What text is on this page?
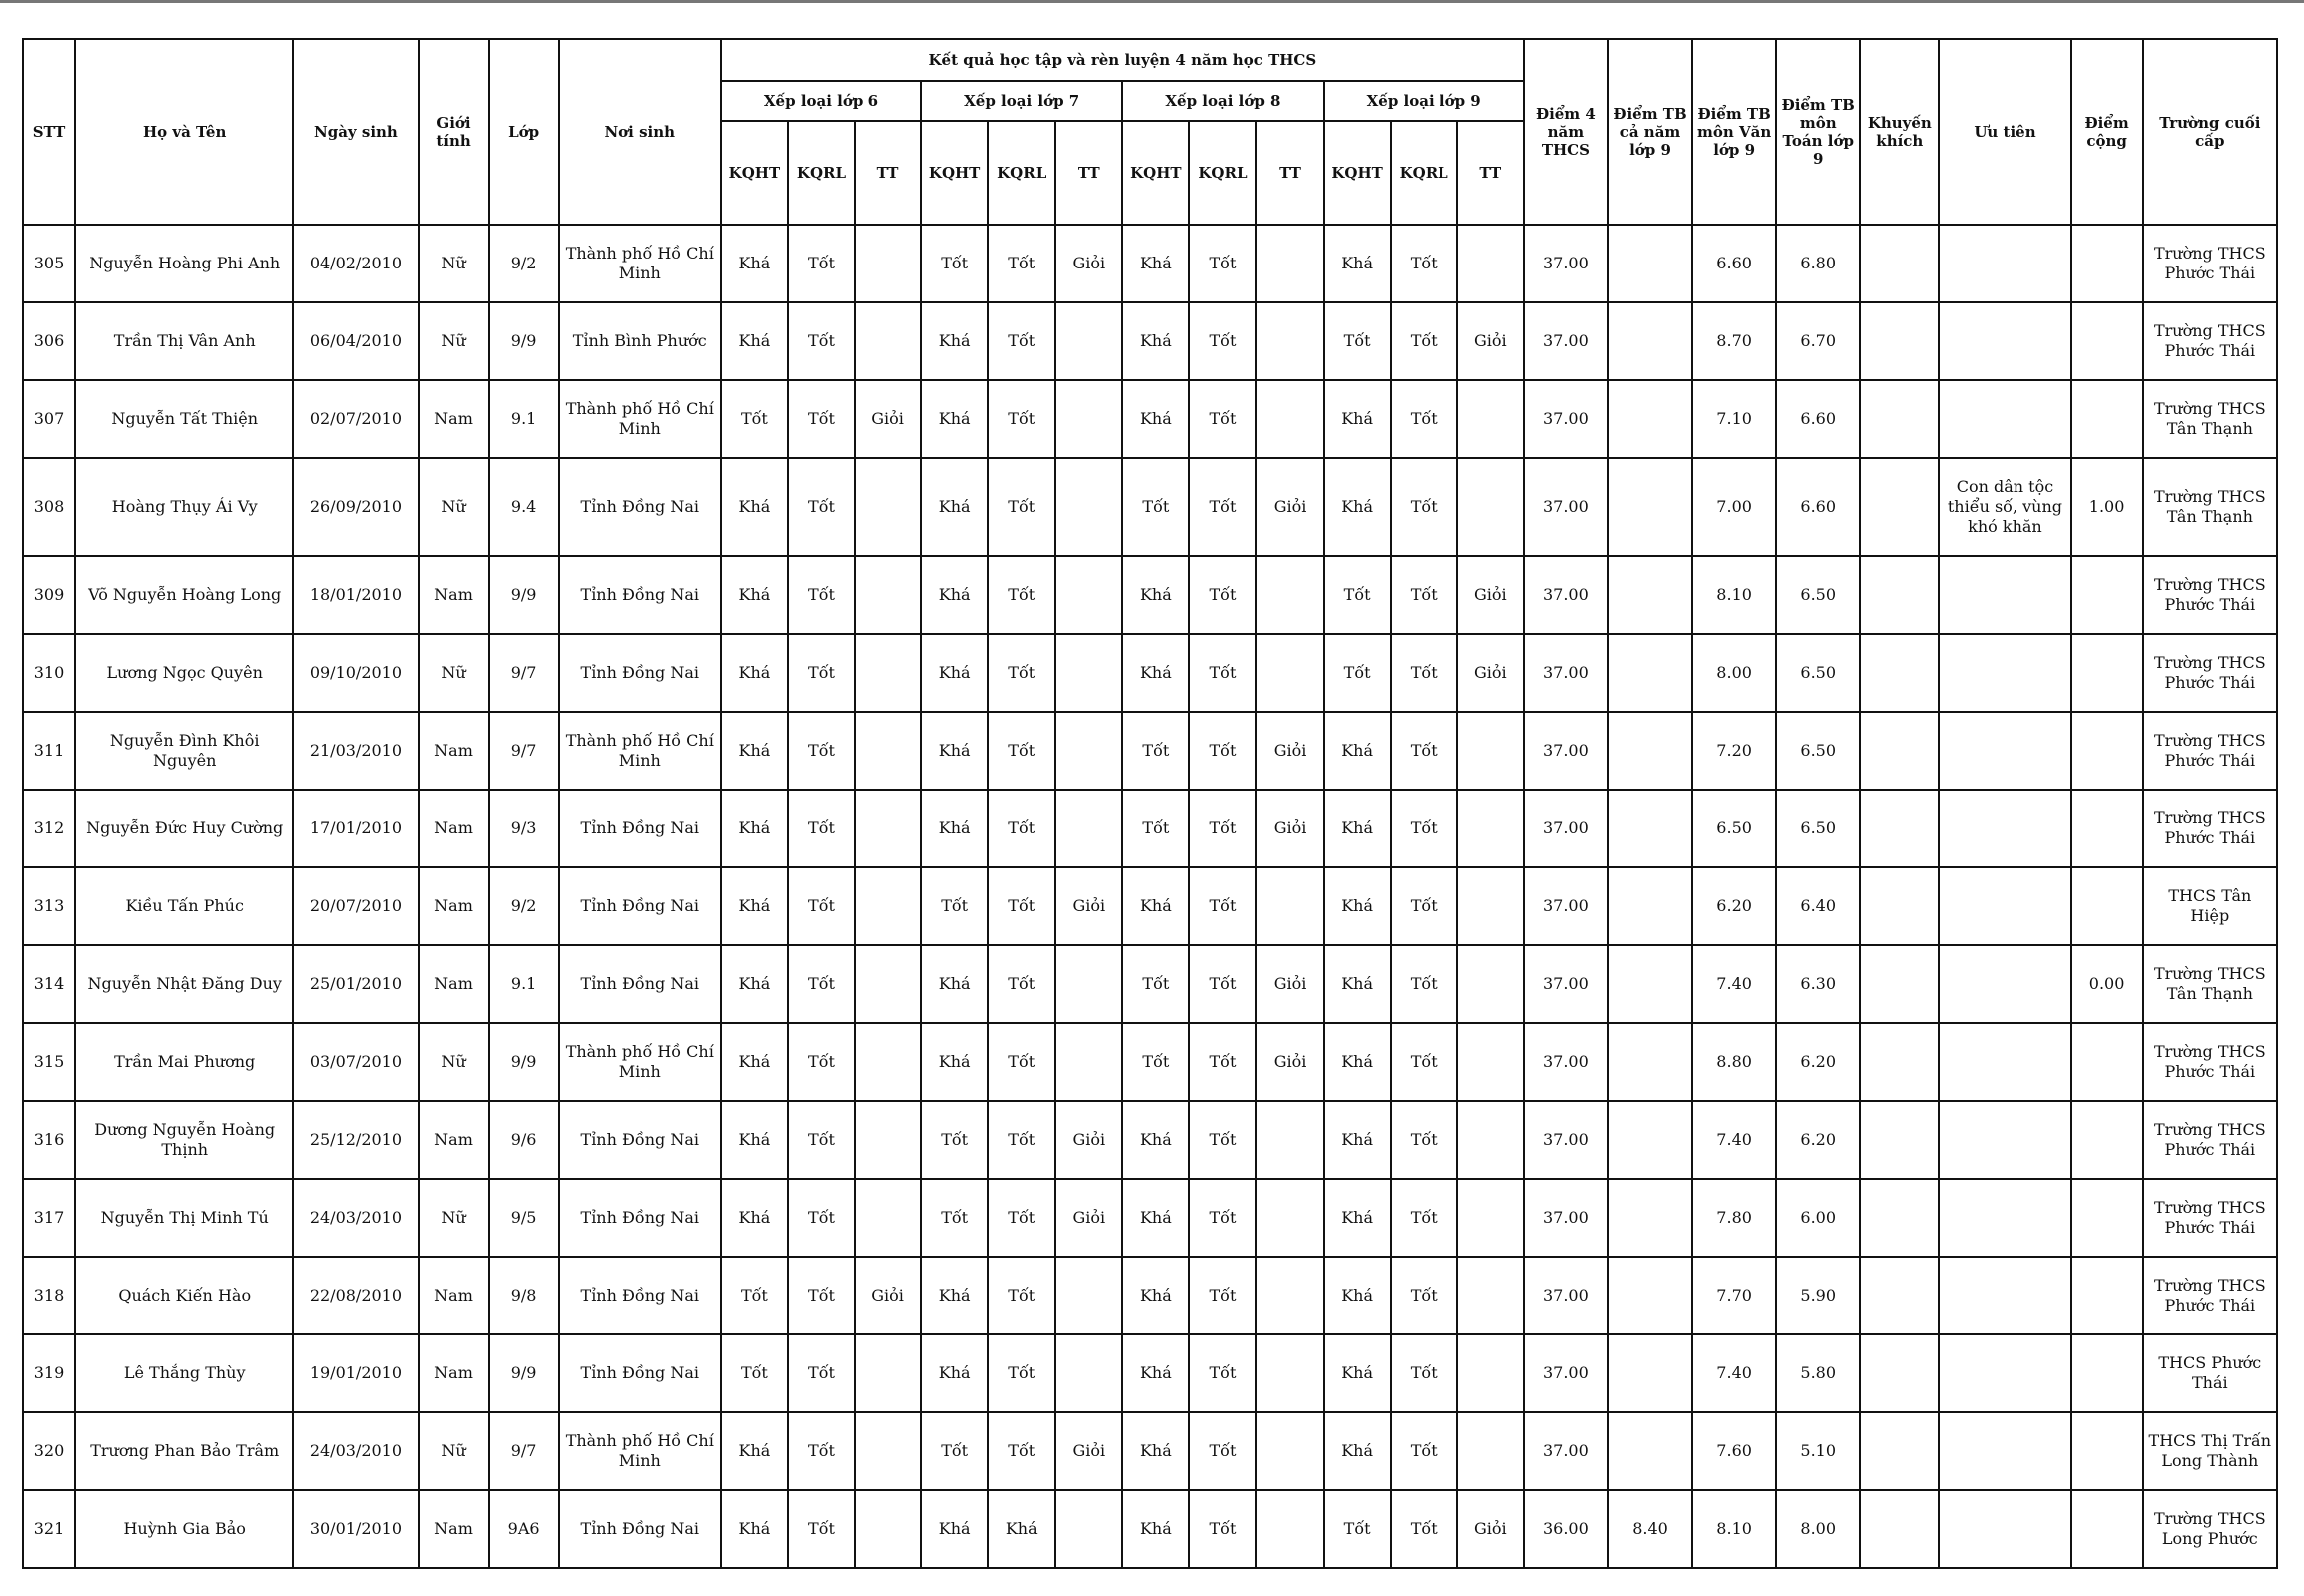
STT	Họ và Tên	Ngày sinh	Giới tính	Lớp	Nơi sinh	Kết quả học tập và rèn luyện 4 năm học THCS												Điểm 4 năm THCS	Điểm TB cả năm lớp 9	Điểm TB môn Văn lớp 9	Điểm TB môn Toán lớp 9	Khuyến khích	Ưu tiên	Điểm cộng	Trường cuối cấp
						Xếp loại lớp 6			Xếp loại lớp 7			Xếp loại lớp 8			Xếp loại lớp 9										
						KQHT	KQRL	TT	KQHT	KQRL	TT	KQHT	KQRL	TT	KQHT	KQRL	TT								
305	Nguyễn Hoàng Phi Anh	04/02/2010	Nữ	9/2	Thành phố Hồ Chí Minh	Khá	Tốt		Tốt	Tốt	Giỏi	Khá	Tốt		Khá	Tốt		37.00		6.60	6.80				Trường THCS Phước Thái
306	Trần Thị Vân Anh	06/04/2010	Nữ	9/9	Tỉnh Bình Phước	Khá	Tốt		Khá	Tốt		Khá	Tốt		Tốt	Tốt	Giỏi	37.00		8.70	6.70				Trường THCS Phước Thái
307	Nguyễn Tất Thiện	02/07/2010	Nam	9.1	Thành phố Hồ Chí Minh	Tốt	Tốt	Giỏi	Khá	Tốt		Khá	Tốt		Khá	Tốt		37.00		7.10	6.60				Trường THCS Tân Thạnh
308	Hoàng Thụy Ái Vy	26/09/2010	Nữ	9.4	Tỉnh Đồng Nai	Khá	Tốt		Khá	Tốt		Tốt	Tốt	Giỏi	Khá	Tốt		37.00		7.00	6.60		Con dân tộc thiểu số, vùng khó khăn	1.00	Trường THCS Tân Thạnh
309	Võ Nguyễn Hoàng Long	18/01/2010	Nam	9/9	Tỉnh Đồng Nai	Khá	Tốt		Khá	Tốt		Khá	Tốt		Tốt	Tốt	Giỏi	37.00		8.10	6.50				Trường THCS Phước Thái
310	Lương Ngọc Quyên	09/10/2010	Nữ	9/7	Tỉnh Đồng Nai	Khá	Tốt		Khá	Tốt		Khá	Tốt		Tốt	Tốt	Giỏi	37.00		8.00	6.50				Trường THCS Phước Thái
311	Nguyễn Đình Khôi Nguyên	21/03/2010	Nam	9/7	Thành phố Hồ Chí Minh	Khá	Tốt		Khá	Tốt		Tốt	Tốt	Giỏi	Khá	Tốt		37.00		7.20	6.50				Trường THCS Phước Thái
312	Nguyễn Đức Huy Cường	17/01/2010	Nam	9/3	Tỉnh Đồng Nai	Khá	Tốt		Khá	Tốt		Tốt	Tốt	Giỏi	Khá	Tốt		37.00		6.50	6.50				Trường THCS Phước Thái
313	Kiều Tấn Phúc	20/07/2010	Nam	9/2	Tỉnh Đồng Nai	Khá	Tốt		Tốt	Tốt	Giỏi	Khá	Tốt		Khá	Tốt		37.00		6.20	6.40				THCS Tân Hiệp
314	Nguyễn Nhật Đăng Duy	25/01/2010	Nam	9.1	Tỉnh Đồng Nai	Khá	Tốt		Khá	Tốt		Tốt	Tốt	Giỏi	Khá	Tốt		37.00		7.40	6.30			0.00	Trường THCS Tân Thạnh
315	Trần Mai Phương	03/07/2010	Nữ	9/9	Thành phố Hồ Chí Minh	Khá	Tốt		Khá	Tốt		Tốt	Tốt	Giỏi	Khá	Tốt		37.00		8.80	6.20				Trường THCS Phước Thái
316	Dương Nguyễn Hoàng Thịnh	25/12/2010	Nam	9/6	Tỉnh Đồng Nai	Khá	Tốt		Tốt	Tốt	Giỏi	Khá	Tốt		Khá	Tốt		37.00		7.40	6.20				Trường THCS Phước Thái
317	Nguyễn Thị Minh Tú	24/03/2010	Nữ	9/5	Tỉnh Đồng Nai	Khá	Tốt		Tốt	Tốt	Giỏi	Khá	Tốt		Khá	Tốt		37.00		7.80	6.00				Trường THCS Phước Thái
318	Quách Kiến Hào	22/08/2010	Nam	9/8	Tỉnh Đồng Nai	Tốt	Tốt	Giỏi	Khá	Tốt		Khá	Tốt		Khá	Tốt		37.00		7.70	5.90				Trường THCS Phước Thái
319	Lê Thắng Thùy	19/01/2010	Nam	9/9	Tỉnh Đồng Nai	Tốt	Tốt		Khá	Tốt		Khá	Tốt		Khá	Tốt		37.00		7.40	5.80				THCS Phước Thái
320	Trương Phan Bảo Trâm	24/03/2010	Nữ	9/7	Thành phố Hồ Chí Minh	Khá	Tốt		Tốt	Tốt	Giỏi	Khá	Tốt		Khá	Tốt		37.00		7.60	5.10				THCS Thị Trấn Long Thành
321	Huỳnh Gia Bảo	30/01/2010	Nam	9A6	Tỉnh Đồng Nai	Khá	Tốt		Khá	Khá		Khá	Tốt		Tốt	Tốt	Giỏi	36.00	8.40	8.10	8.00				Trường THCS Long Phước
